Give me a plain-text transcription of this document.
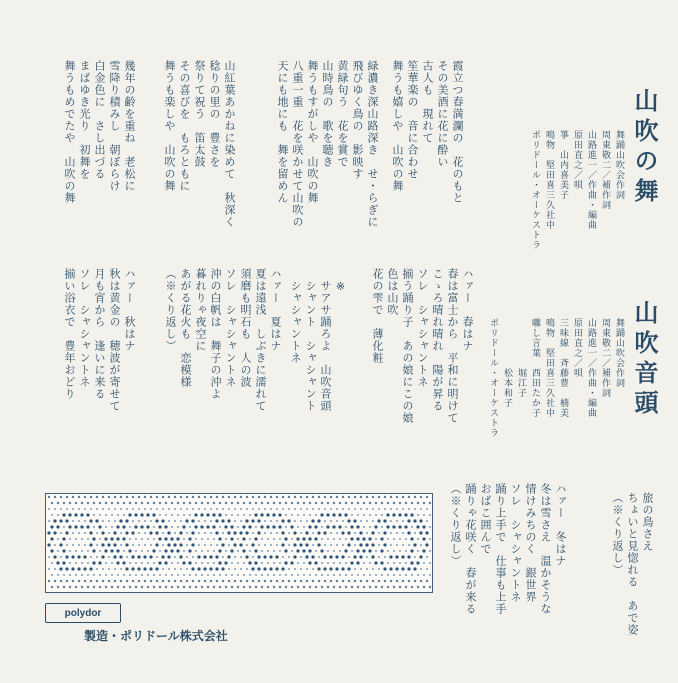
山吹の舞

舞踊山吹会作詞

周東敬二／補作詞

山路進一／作曲・編曲

原田直之／唄

箏　山内喜美子

鳴物　堅田喜三久社中

ポリドール・オーケストラ

霞立つ春満瀾の　花のもと

その美酒に花に酔い

古人も　現れて

笙華楽の　音に合わせ

舞うも嬉しや　山吹の舞

緑濃き深山路深き　せ・らぎに

飛びゆく鳥の　影映す

黄緑句う　花を賞で

山時鳥の　歌を聴き

舞うもすがしや　山吹の舞

八重一重　花を咲かせて山吹の

天にも地にも　舞を留めん

山紅葉あかねに染めて　秋深く

稔りの里の　豊さを

祭りて祝う　笛太鼓

その喜びを　もろともに

舞うも楽しや　山吹の舞

幾年の齢を重ね　老松に

雪降り積みし　朝ぼらけ

白金色に　さし出づる

まばゆき光り　初舞を

舞うもめでたや　山吹の舞

山吹音頭

舞踊山吹会作詞

周東敬二／補作詞

山路進一／作曲・編曲

原田直之／唄

三味線　斉藤豊　楠美

鳴物　堅田喜三久社中

囃し言葉　西田たか子

　　　　　堀江子

　　　　　松本和子

ポリドール・オーケストラ

ハァー　春はナ

春は富士から　平和に明けて

こゝろ晴れ晴れ　陽が昇る

ソレ　シャシャントネ

揃う踊り子　あの娘にこの娘

色は山吹

花の雫で　薄化粧

※

サアサ踊ろよ　山吹音頭

シャント　シャシャント

シャシャントネ

ハァー　夏はナ

夏は遠浅　しぶきに濡れて

須磨も明石も　人の波

ソレ　シャシャントネ

沖の白帆は　舞子の沖よ

暮れりゃ夜空に

あがる花火も　恋模様

（※くり返し）

ハァー　秋はナ

秋は黄金の　穂波が寄せて

月も宵から　逢いに来る

ソレ　シャシャントネ

揃い浴衣で　豊年おどり

ハァー　冬はナ

冬は雪さえ　温かそうな

情けみちのく　銀世界

ソレ　シャシャントネ

踊り上手で　仕事も上手

おばこ囲んで

踊りゃ花咲く　春が来る

（※くり返し）	旅の鳥さえ

ちょいと見惚れる　あで姿

（※くり返し）

polydor
製造・ポリドール株式会社
